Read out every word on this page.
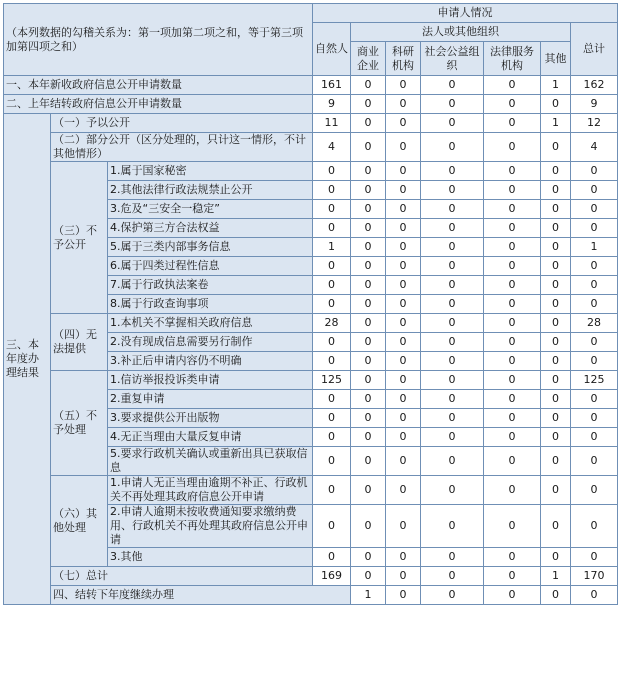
（本列数据的勾稽关系为：第一项加第二项之和，等于第三项加第四项之和）			申请人情况							
			自然人	法人或其他组织					总计	
				商业企业	科研机构	社会公益组织	法律服务机构	其他		
一、本年新收政府信息公开申请数量			161	0	0	0	0	1	162	
二、上年结转政府信息公开申请数量			9	0	0	0	0	0	9	
三、本年度办理结果	（一）予以公开		11	0	0	0	0	1	12	
	（二）部分公开（区分处理的，只计这一情形，不计其他情形）		4	0	0	0	0	0	4	
	（三）不予公开	1.属于国家秘密	0	0	0	0	0	0	0	
		2.其他法律行政法规禁止公开	0	0	0	0	0	0	0	
		3.危及“三安全一稳定”	0	0	0	0	0	0	0	
		4.保护第三方合法权益	0	0	0	0	0	0	0	
		5.属于三类内部事务信息	1	0	0	0	0	0	1	
		6.属于四类过程性信息	0	0	0	0	0	0	0	
		7.属于行政执法案卷	0	0	0	0	0	0	0	
		8.属于行政查询事项	0	0	0	0	0	0	0	
	（四）无法提供	1.本机关不掌握相关政府信息	28	0	0	0	0	0	28	
		2.没有现成信息需要另行制作	0	0	0	0	0	0	0	
		3.补正后申请内容仍不明确	0	0	0	0	0	0	0	
	（五）不予处理	1.信访举报投诉类申请	125	0	0	0	0	0	125	
		2.重复申请	0	0	0	0	0	0	0	
		3.要求提供公开出版物	0	0	0	0	0	0	0	
		4.无正当理由大量反复申请	0	0	0	0	0	0	0	
		5.要求行政机关确认或重新出具已获取信息	0	0	0	0	0	0	0	
	（六）其他处理	1.申请人无正当理由逾期不补正、行政机关不再处理其政府信息公开申请	0	0	0	0	0	0	0	
		2.申请人逾期未按收费通知要求缴纳费用、行政机关不再处理其政府信息公开申请	0	0	0	0	0	0	0	
		3.其他	0	0	0	0	0	0	0	
	（七）总计		169	0	0	0	0	1	170	
	四、结转下年度继续办理			1	0	0	0	0	0	
